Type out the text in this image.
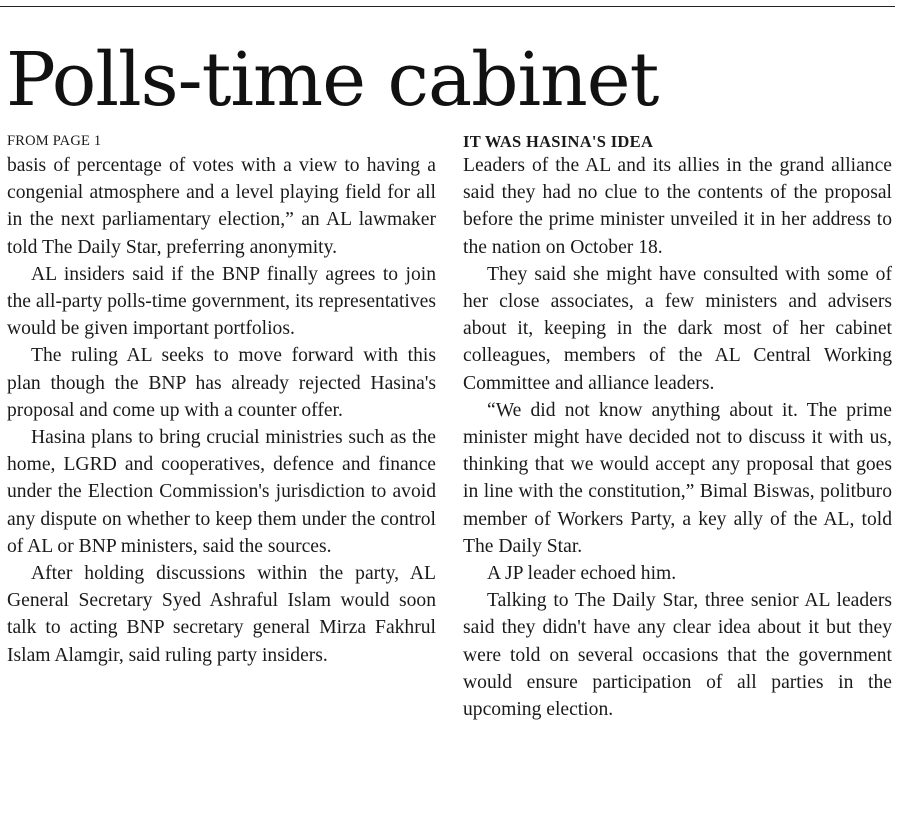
Polls-time cabinet
FROM PAGE 1

basis of percentage of votes with a view to having a congenial atmosphere and a level playing field for all in the next parliamentary election,” an AL lawmaker told The Daily Star, preferring anonymity.

AL insiders said if the BNP finally agrees to join the all-party polls-time government, its representatives would be given important portfolios.

The ruling AL seeks to move forward with this plan though the BNP has already rejected Hasina's proposal and come up with a counter offer.

Hasina plans to bring crucial ministries such as the home, LGRD and cooperatives, defence and finance under the Election Commission's jurisdiction to avoid any dispute on whether to keep them under the control of AL or BNP ministers, said the sources.

After holding discussions within the party, AL General Secretary Syed Ashraful Islam would soon talk to acting BNP secretary general Mirza Fakhrul Islam Alamgir, said ruling party insiders.

IT WAS HASINA'S IDEA

Leaders of the AL and its allies in the grand alliance said they had no clue to the contents of the proposal before the prime minister unveiled it in her address to the nation on October 18.

They said she might have consulted with some of her close associates, a few ministers and advisers about it, keeping in the dark most of her cabinet colleagues, members of the AL Central Working Committee and alliance leaders.

“We did not know anything about it. The prime minister might have decided not to discuss it with us, thinking that we would accept any proposal that goes in line with the constitution,” Bimal Biswas, politburo member of Workers Party, a key ally of the AL, told The Daily Star.

A JP leader echoed him.

Talking to The Daily Star, three senior AL leaders said they didn't have any clear idea about it but they were told on several occasions that the government would ensure participation of all parties in the upcoming election.
